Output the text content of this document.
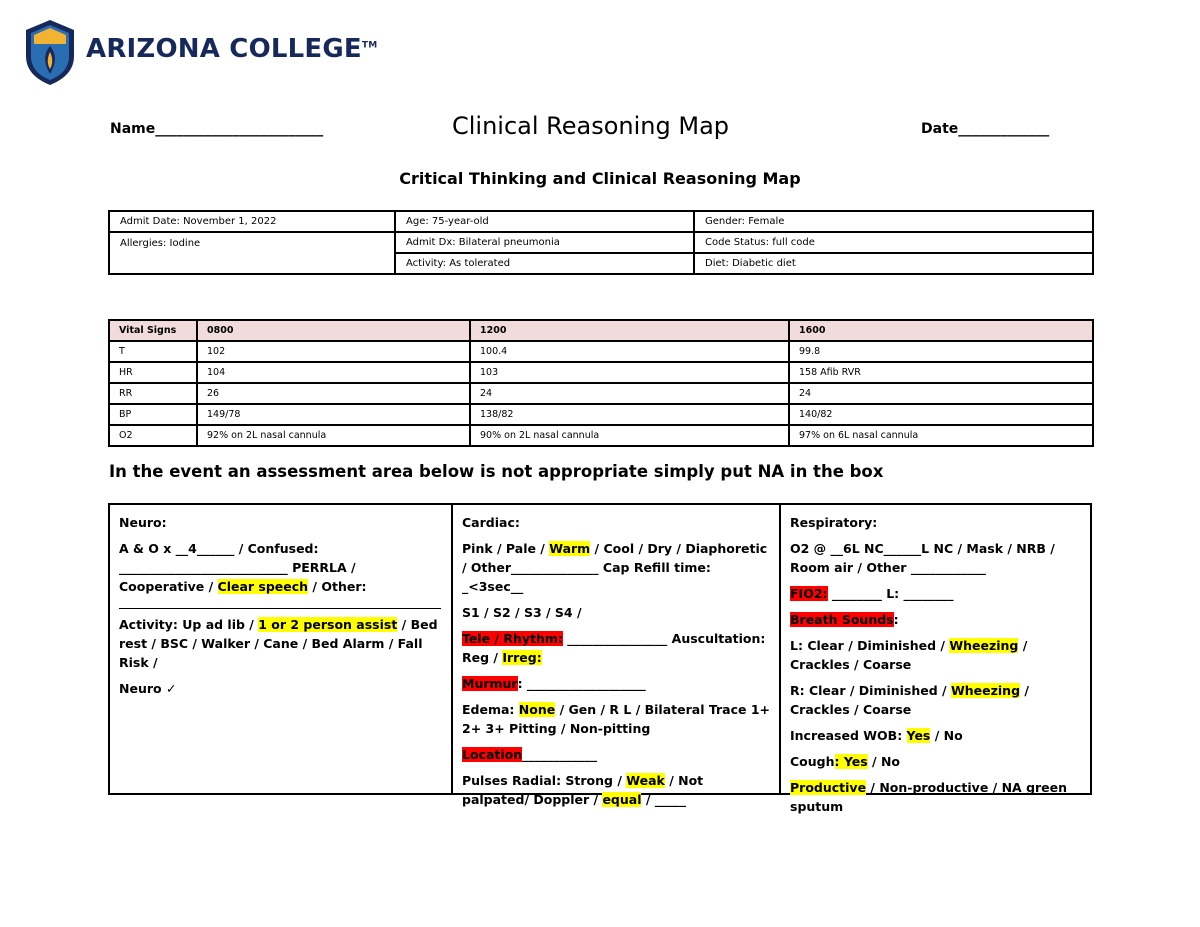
ARIZONA COLLEGE™
Name________________________	Clinical Reasoning Map	Date_____________
Critical Thinking and Clinical Reasoning Map
Admit Date: November 1, 2022	Age: 75-year-old	Gender: Female
Allergies: Iodine	Admit Dx: Bilateral pneumonia	Code Status: full code
	Activity: As tolerated	Diet: Diabetic diet
Vital Signs	0800	1200	1600
T	102	100.4	99.8
HR	104	103	158 Afib RVR
RR	26	24	24
BP	149/78	138/82	140/82
O2	92% on 2L nasal cannula	90% on 2L nasal cannula	97% on 6L nasal cannula
In the event an assessment area below is not appropriate simply put NA in the box
Neuro:
A & O x __4______ / Confused:
___________________________ PERRLA /
Cooperative / Clear speech / Other:
Activity: Up ad lib / 1 or 2 person assist / Bed rest / BSC / Walker / Cane / Bed Alarm / Fall Risk /
Neuro ✓
Cardiac:
Pink / Pale / Warm / Cool / Dry / Diaphoretic / Other______________ Cap Refill time: _<3sec__
S1 / S2 / S3 / S4 /
Tele / Rhythm: ________________ Auscultation: Reg / Irreg:
Murmur: ___________________
Edema: None / Gen / R L / Bilateral Trace 1+ 2+ 3+ Pitting / Non-pitting
Location____________
Pulses Radial: Strong / Weak / Not palpated/ Doppler / equal / _____
Respiratory:
O2 @ __6L NC______L NC / Mask / NRB / Room air / Other ____________
FIO2: ________ L: ________
Breath Sounds:
L: Clear / Diminished / Wheezing / Crackles / Coarse
R: Clear / Diminished / Wheezing / Crackles / Coarse
Increased WOB: Yes / No
Cough: Yes / No
Productive / Non-productive / NA green sputum
